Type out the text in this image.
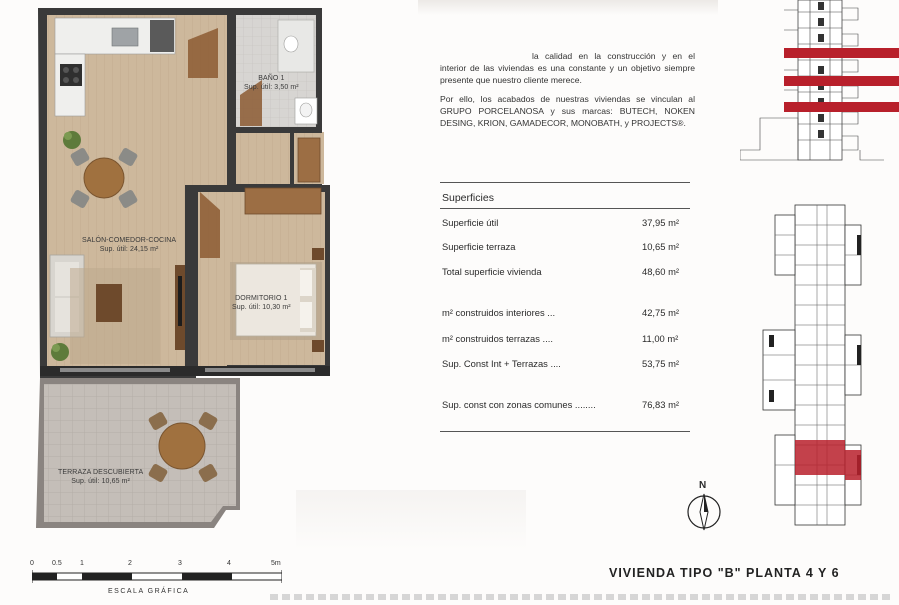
BAÑO 1
Sup. útil: 3,50 m²
SALÓN-COMEDOR-COCINA
Sup. útil: 24,15 m²
DORMITORIO 1
Sup. útil: 10,30 m²
TERRAZA DESCUBIERTA
Sup. útil: 10,65 m²
0	0.5	1	2	3	4	5m
ESCALA GRÁFICA

la calidad en la construcción y en el interior de las viviendas es una constante y un objetivo siempre presente que nuestro cliente merece.

Por ello, los acabados de nuestras viviendas se vinculan al GRUPO PORCELANOSA y sus marcas: BUTECH, NOKEN DESING, KRION, GAMADECOR, MONOBATH, y PROJECTS®.

Superficies
Superficie útil	37,95 m²
Superficie terraza	10,65 m²
Total superficie vivienda	48,60 m²
m² construidos interiores ...	42,75 m²
m² construidos terrazas ....	11,00 m²
Sup. Const Int + Terrazas ....	53,75 m²
Sup. const con zonas comunes ........	76,83 m²
N
VIVIENDA TIPO "B" PLANTA 4 Y 6
